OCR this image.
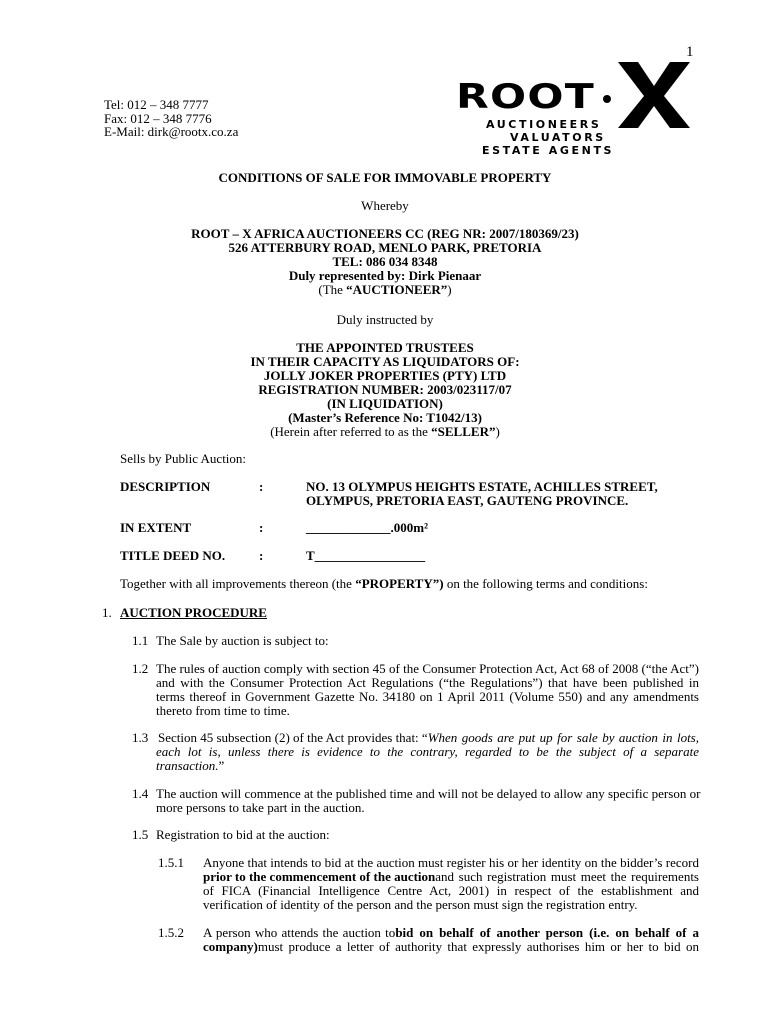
1
Tel: 012 – 348 7777
Fax: 012 – 348 7776
E-Mail: dirk@rootx.co.za
ROOT
AUCTIONEERS
VALUATORS
ESTATE AGENTS
CONDITIONS OF SALE FOR IMMOVABLE PROPERTY
Whereby
ROOT – X AFRICA AUCTIONEERS CC (REG NR: 2007/180369/23)
526 ATTERBURY ROAD, MENLO PARK, PRETORIA
TEL: 086 034 8348
Duly represented by: Dirk Pienaar
(The “AUCTIONEER”)
Duly instructed by
THE APPOINTED TRUSTEES
IN THEIR CAPACITY AS LIQUIDATORS OF:
JOLLY JOKER PROPERTIES (PTY) LTD
REGISTRATION NUMBER: 2003/023117/07
(IN LIQUIDATION)
(Master’s Reference No: T1042/13)
(Herein after referred to as the “SELLER”)
Sells by Public Auction:
DESCRIPTION	:	NO. 13 OLYMPUS HEIGHTS ESTATE, ACHILLES STREET,
OLYMPUS, PRETORIA EAST, GAUTENG PROVINCE.
IN EXTENT	:	_____________.000m²
TITLE DEED NO.	:	T_________________
Together with all improvements thereon (the “PROPERTY”) on the following terms and conditions:
1. AUCTION PROCEDURE
1.1 The Sale by auction is subject to:
1.2 The rules of auction comply with section 45 of the Consumer Protection Act, Act 68 of 2008 (“the Act”)
and with the Consumer Protection Act Regulations (“the Regulations”) that have been published in
terms thereof in Government Gazette No. 34180 on 1 April 2011 (Volume 550) and any amendments
thereto from time to time.
1.3 Section 45 subsection (2) of the Act provides that: “ When goods are put up for sale by auction in lots,
each lot is, unless there is evidence to the contrary, regarded to be the subject of a separate
transaction.”
1.4 The auction will commence at the published time and will not be delayed to allow any specific person or
more persons to take part in the auction.
1.5 Registration to bid at the auction:
1.5.1 Anyone that intends to bid at the auction must register his or her identity on the bidder’s record
prior to the commencement of the auction and such registration must meet the requirements
of FICA (Financial Intelligence Centre Act, 2001) in respect of the establishment and
verification of identity of the person and the person must sign the registration entry.
1.5.2 A person who attends the auction to bid on behalf of another person (i.e. on behalf of a
company) must produce a letter of authority that expressly authorises him or her to bid on
